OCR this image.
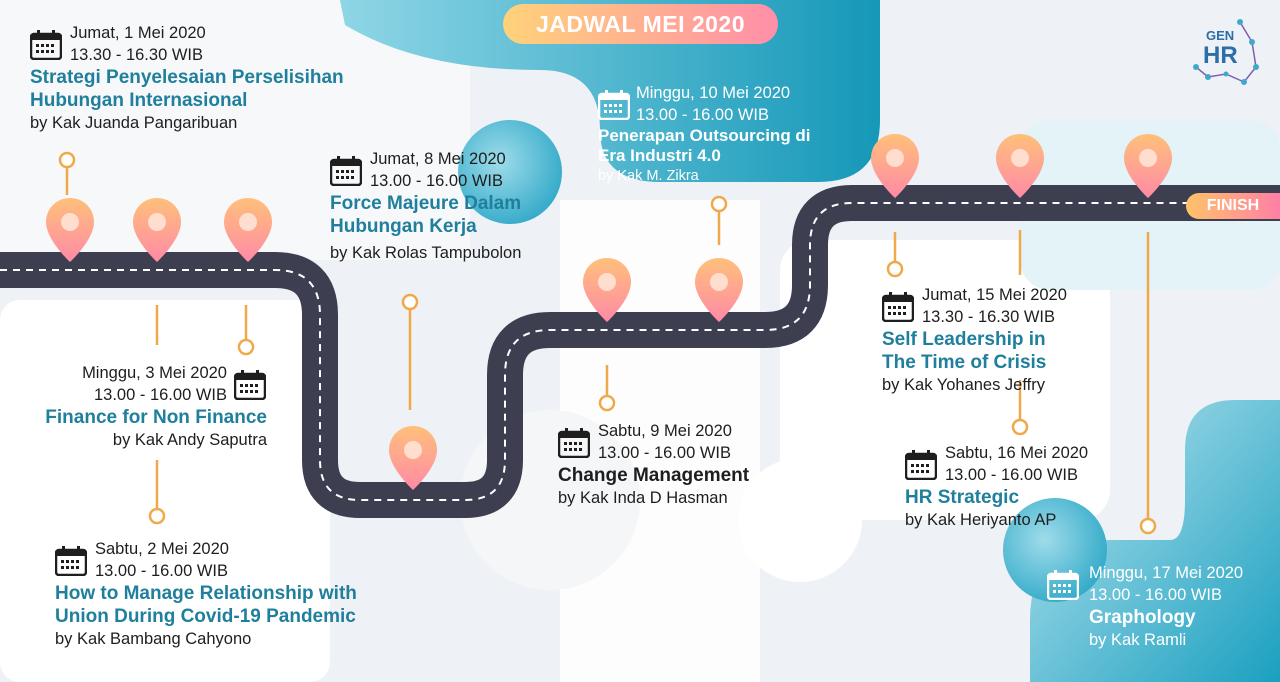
JADWAL MEI 2020
FINISH
GEN
HR
Jumat, 1 Mei 2020
13.30 - 16.30 WIB
Strategi Penyelesaian Perselisihan
Hubungan Internasional
by Kak Juanda Pangaribuan
Minggu, 3 Mei 2020
13.00 - 16.00 WIB
Finance for Non Finance
by Kak Andy Saputra
Sabtu, 2 Mei 2020
13.00 - 16.00 WIB
How to Manage Relationship with
Union During Covid-19 Pandemic
by Kak Bambang Cahyono
Jumat, 8 Mei 2020
13.00 - 16.00 WIB
Force Majeure Dalam
Hubungan Kerja
by Kak Rolas Tampubolon
Minggu, 10 Mei 2020
13.00 - 16.00 WIB
Penerapan Outsourcing di
Era Industri 4.0
by Kak M. Zikra
Sabtu, 9 Mei 2020
13.00 - 16.00 WIB
Change Management
by Kak Inda D Hasman
Jumat, 15 Mei 2020
13.30 - 16.30 WIB
Self Leadership in
The Time of Crisis
by Kak Yohanes Jeffry
Sabtu, 16 Mei 2020
13.00 - 16.00 WIB
HR Strategic
by Kak Heriyanto AP
Minggu, 17 Mei 2020
13.00 - 16.00 WIB
Graphology
by Kak Ramli
